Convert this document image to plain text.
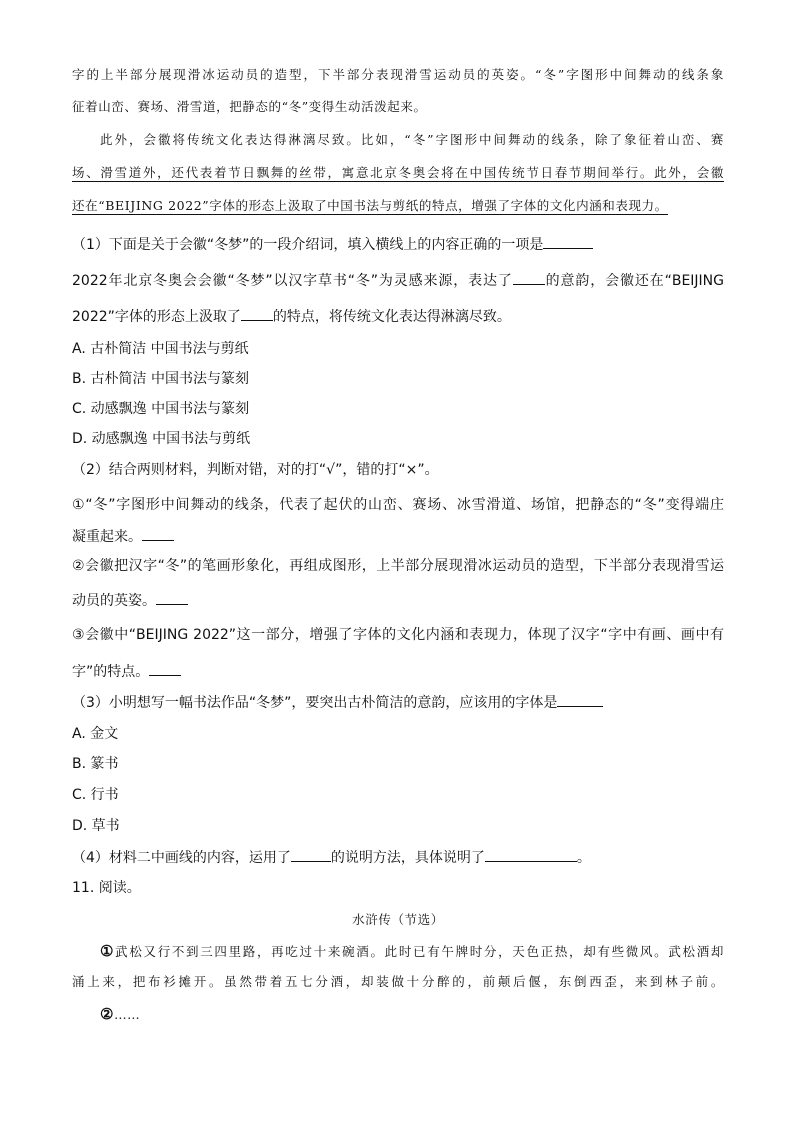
字的上半部分展现滑冰运动员的造型，下半部分表现滑雪运动员的英姿。“冬”字图形中间舞动的线条象
征着山峦、赛场、滑雪道，把静态的“冬”变得生动活泼起来。
此外，会徽将传统文化表达得淋漓尽致。比如，“冬”字图形中间舞动的线条，除了象征着山峦、赛
场、滑雪道外，还代表着节日飘舞的丝带，寓意北京冬奥会将在中国传统节日春节期间举行。此外，会徽
还在“BEIJING 2022”字体的形态上汲取了中国书法与剪纸的特点，增强了字体的文化内涵和表现力。
（1）下面是关于会徽“冬梦”的一段介绍词，填入横线上的内容正确的一项是
2022年北京冬奥会会徽“冬梦”以汉字草书“冬”为灵感来源，表达了 的意韵，会徽还在“BEIJING
2022”字体的形态上汲取了 的特点，将传统文化表达得淋漓尽致。
A. 古朴简洁 中国书法与剪纸
B. 古朴简洁 中国书法与篆刻
C. 动感飘逸 中国书法与篆刻
D. 动感飘逸 中国书法与剪纸
（2）结合两则材料，判断对错，对的打“√”，错的打“×”。
①“冬”字图形中间舞动的线条，代表了起伏的山峦、赛场、冰雪滑道、场馆，把静态的“冬”变得端庄
凝重起来。
②会徽把汉字“冬”的笔画形象化，再组成图形，上半部分展现滑冰运动员的造型，下半部分表现滑雪运
动员的英姿。
③会徽中“BEIJING 2022”这一部分，增强了字体的文化内涵和表现力，体现了汉字“字中有画、画中有
字”的特点。
（3）小明想写一幅书法作品“冬梦”，要突出古朴简洁的意韵，应该用的字体是
A. 金文
B. 篆书
C. 行书
D. 草书
（4）材料二中画线的内容，运用了	的说明方法，具体说明了	。
11. 阅读。
水浒传（节选）
①武松又行不到三四里路，再吃过十来碗酒。此时已有午牌时分，天色正热，却有些微风。武松酒却
涌上来，把布衫摊开。虽然带着五七分酒，却装做十分醉的，前颠后偃，东倒西歪，来到林子前。
②……
